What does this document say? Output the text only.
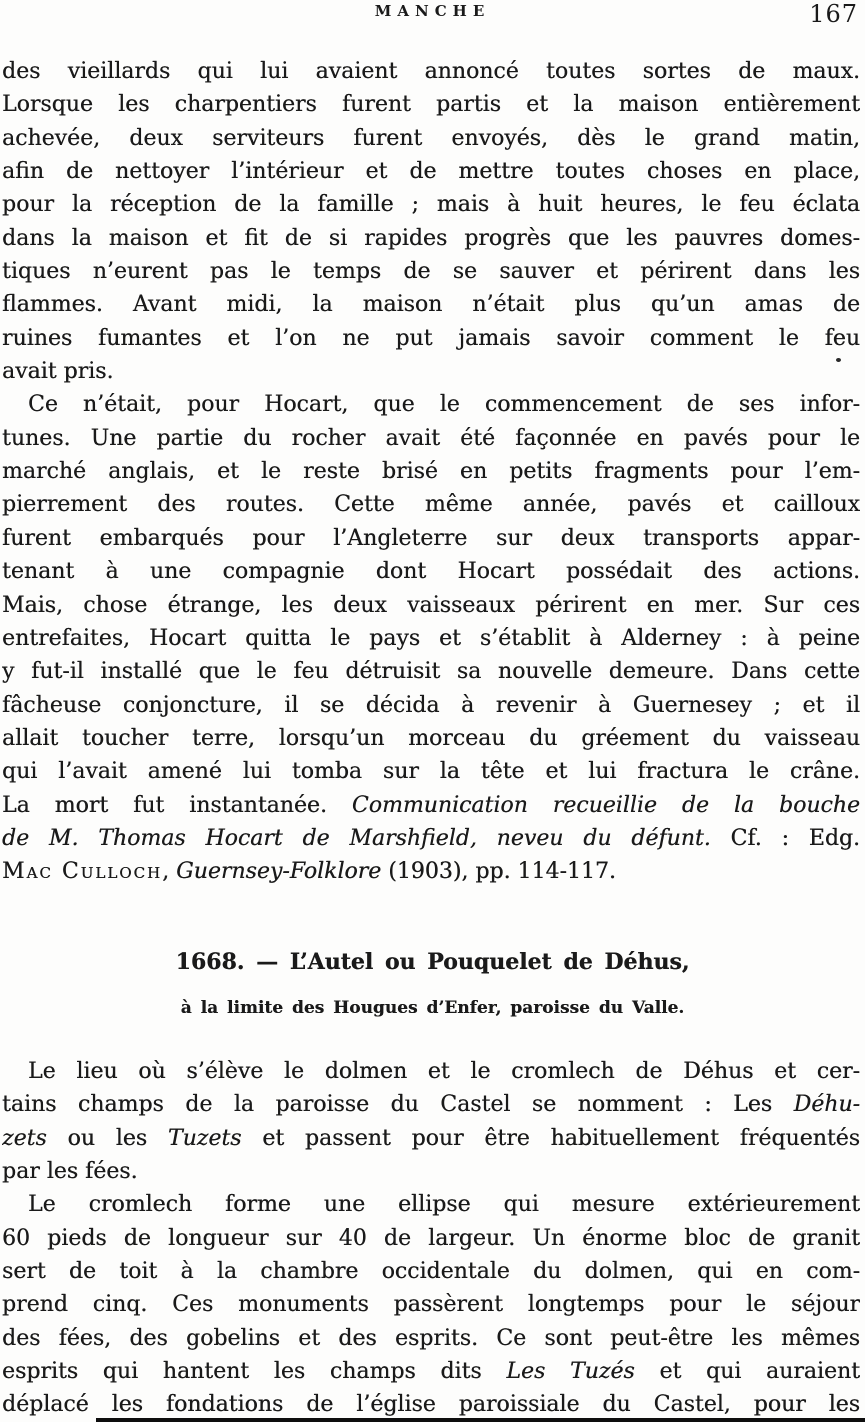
MANCHE	167
des vieillards qui lui avaient annoncé toutes sortes de maux.
Lorsque les charpentiers furent partis et la maison entièrement
achevée, deux serviteurs furent envoyés, dès le grand matin,
afin de nettoyer l’intérieur et de mettre toutes choses en place,
pour la réception de la famille ; mais à huit heures, le feu éclata
dans la maison et fit de si rapides progrès que les pauvres domes-
tiques n’eurent pas le temps de se sauver et périrent dans les
flammes. Avant midi, la maison n’était plus qu’un amas de
ruines fumantes et l’on ne put jamais savoir comment le feu
avait pris.
Ce n’était, pour Hocart, que le commencement de ses infor-
tunes. Une partie du rocher avait été façonnée en pavés pour le
marché anglais, et le reste brisé en petits fragments pour l’em-
pierrement des routes. Cette même année, pavés et cailloux
furent embarqués pour l’Angleterre sur deux transports appar-
tenant à une compagnie dont Hocart possédait des actions.
Mais, chose étrange, les deux vaisseaux périrent en mer. Sur ces
entrefaites, Hocart quitta le pays et s’établit à Alderney : à peine
y fut-il installé que le feu détruisit sa nouvelle demeure. Dans cette
fâcheuse conjoncture, il se décida à revenir à Guernesey ; et il
allait toucher terre, lorsqu’un morceau du gréement du vaisseau
qui l’avait amené lui tomba sur la tête et lui fractura le crâne.
La mort fut instantanée. Communication recueillie de la bouche
de M. Thomas Hocart de Marshfield, neveu du défunt. Cf. : Edg.
Mac Culloch, Guernsey-Folklore (1903), pp. 114-117.
1668. — L’Autel ou Pouquelet de Déhus,
à la limite des Hougues d’Enfer, paroisse du Valle.
Le lieu où s’élève le dolmen et le cromlech de Déhus et cer-
tains champs de la paroisse du Castel se nomment : Les Déhu-
zets ou les Tuzets et passent pour être habituellement fréquentés
par les fées.
Le cromlech forme une ellipse qui mesure extérieurement
60 pieds de longueur sur 40 de largeur. Un énorme bloc de granit
sert de toit à la chambre occidentale du dolmen, qui en com-
prend cinq. Ces monuments passèrent longtemps pour le séjour
des fées, des gobelins et des esprits. Ce sont peut-être les mêmes
esprits qui hantent les champs dits Les Tuzés et qui auraient
déplacé les fondations de l’église paroissiale du Castel, pour les
